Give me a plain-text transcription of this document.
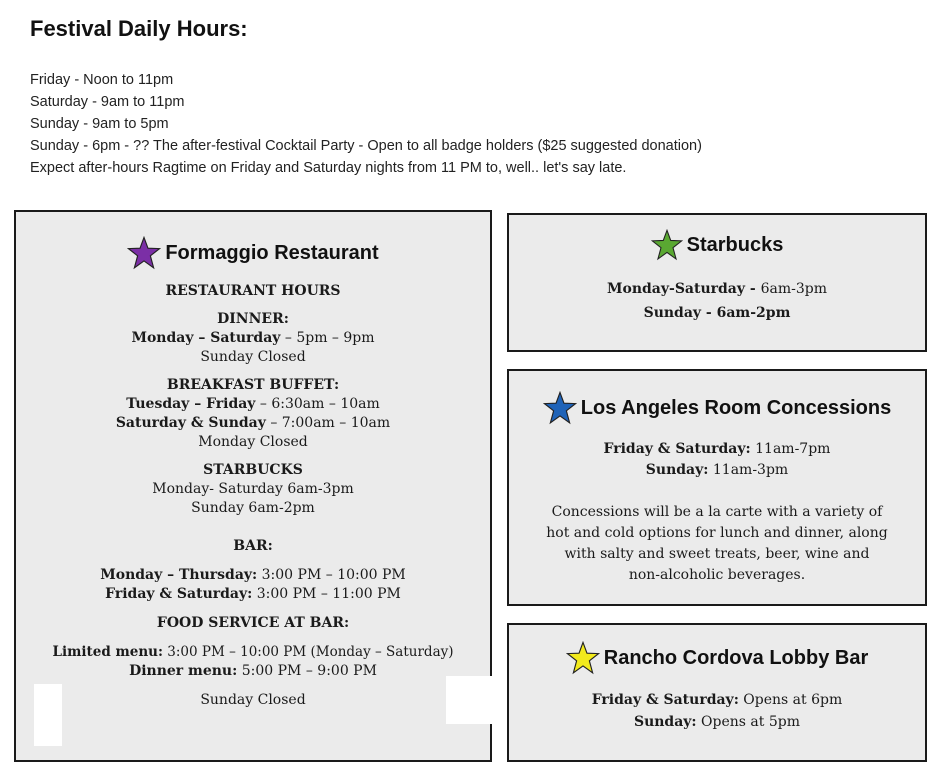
Festival Daily Hours:
Friday - Noon to 11pm
Saturday - 9am to 11pm
Sunday - 9am to 5pm
Sunday - 6pm - ?? The after-festival Cocktail Party - Open to all badge holders ($25 suggested donation)
Expect after-hours Ragtime on Friday and Saturday nights from 11 PM to, well.. let's say late.
Formaggio Restaurant
RESTAURANT HOURS
DINNER:
Monday – Saturday – 5pm – 9pm
Sunday Closed
BREAKFAST BUFFET:
Tuesday – Friday – 6:30am – 10am
Saturday & Sunday – 7:00am – 10am
Monday Closed
STARBUCKS
Monday- Saturday 6am-3pm
Sunday 6am-2pm
BAR:
Monday – Thursday: 3:00 PM – 10:00 PM
Friday & Saturday: 3:00 PM – 11:00 PM
FOOD SERVICE AT BAR:
Limited menu: 3:00 PM – 10:00 PM (Monday – Saturday)
Dinner menu: 5:00 PM – 9:00 PM
Sunday Closed
Starbucks
Monday-Saturday - 6am-3pm
Sunday - 6am-2pm
Los Angeles Room Concessions
Friday & Saturday: 11am-7pm
Sunday: 11am-3pm
Concessions will be a la carte with a variety of
hot and cold options for lunch and dinner, along
with salty and sweet treats, beer, wine and
non-alcoholic beverages.
Rancho Cordova Lobby Bar
Friday & Saturday: Opens at 6pm
Sunday: Opens at 5pm
